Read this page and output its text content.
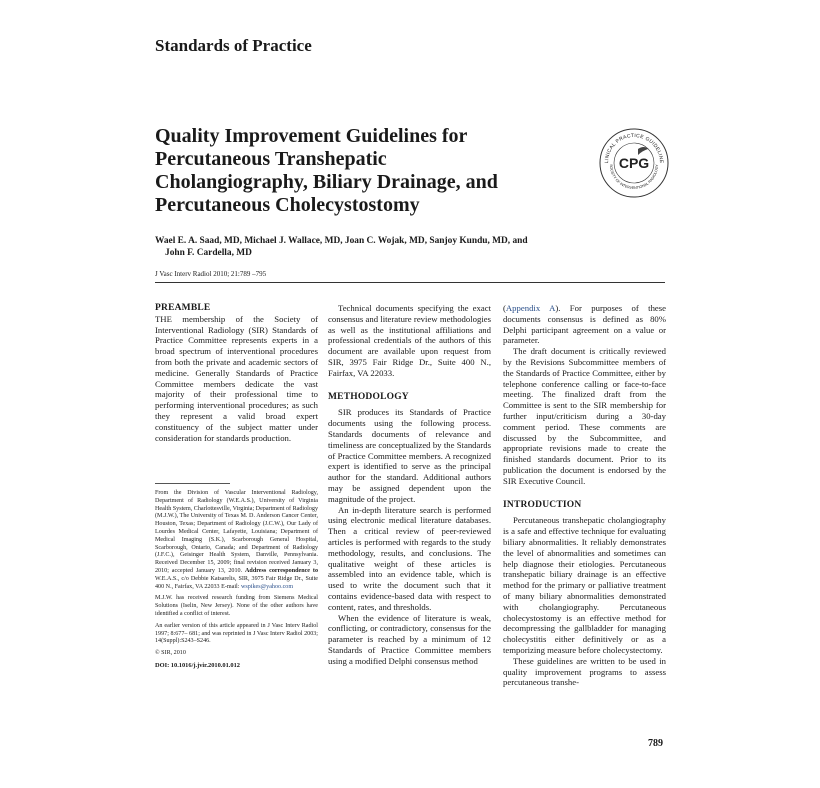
Standards of Practice
LINICAL PRACTICE GUIDELINE
SOCIETY OF INTERVENTIONAL RADIOLOGY
CPG
Quality Improvement Guidelines for
Percutaneous Transhepatic
Cholangiography, Biliary Drainage, and
Percutaneous Cholecystostomy
Wael E. A. Saad, MD, Michael J. Wallace, MD, Joan C. Wojak, MD, Sanjoy Kundu, MD, and
John F. Cardella, MD
J Vasc Interv Radiol 2010; 21:789 –795
PREAMBLE

THE membership of the Society of Interventional Radiology (SIR) Standards of Practice Committee represents experts in a broad spectrum of interventional procedures from both the private and academic sectors of medicine. Generally Standards of Practice Committee members dedicate the vast majority of their professional time to performing interventional procedures; as such they represent a valid broad expert constituency of the subject matter under consideration for standards production.

From the Division of Vascular Interventional Radiology, Department of Radiology (W.E.A.S.), University of Virginia Health System, Charlottesville, Virginia; Department of Radiology (M.J.W.), The University of Texas M. D. Anderson Cancer Center, Houston, Texas; Department of Radiology (J.C.W.), Our Lady of Lourdes Medical Center, Lafayette, Louisiana; Department of Medical Imaging (S.K.), Scarborough General Hospital, Scarborough, Ontario, Canada; and Department of Radiology (J.F.C.), Geisinger Health System, Danville, Pennsylvania. Received December 15, 2009; final revision received January 3, 2010; accepted January 13, 2010. Address correspondence to W.E.A.S., c/o Debbie Katsarelis, SIR, 3975 Fair Ridge Dr., Suite 400 N., Fairfax, VA 22033 E-mail: wspikes@yahoo.com

M.J.W. has received research funding from Siemens Medical Solutions (Iselin, New Jersey). None of the other authors have identified a conflict of interest.

An earlier version of this article appeared in J Vasc Interv Radiol 1997; 8:677– 681; and was reprinted in J Vasc Interv Radiol 2003; 14(Suppl):S243–S246.

© SIR, 2010

DOI: 10.1016/j.jvir.2010.01.012

Technical documents specifying the exact consensus and literature review methodologies as well as the institutional affiliations and professional credentials of the authors of this document are available upon request from SIR, 3975 Fair Ridge Dr., Suite 400 N., Fairfax, VA 22033.

METHODOLOGY

SIR produces its Standards of Practice documents using the following process. Standards documents of relevance and timeliness are conceptualized by the Standards of Practice Committee members. A recognized expert is identified to serve as the principal author for the standard. Additional authors may be assigned dependent upon the magnitude of the project.

An in-depth literature search is performed using electronic medical literature databases. Then a critical review of peer-reviewed articles is performed with regards to the study methodology, results, and conclusions. The qualitative weight of these articles is assembled into an evidence table, which is used to write the document such that it contains evidence-based data with respect to content, rates, and thresholds.

When the evidence of literature is weak, conflicting, or contradictory, consensus for the parameter is reached by a minimum of 12 Standards of Practice Committee members using a modified Delphi consensus method

(Appendix A). For purposes of these documents consensus is defined as 80% Delphi participant agreement on a value or parameter.

The draft document is critically reviewed by the Revisions Subcommittee members of the Standards of Practice Committee, either by telephone conference calling or face-to-face meeting. The finalized draft from the Committee is sent to the SIR membership for further input/criticism during a 30-day comment period. These comments are discussed by the Subcommittee, and appropriate revisions made to create the finished standards document. Prior to its publication the document is endorsed by the SIR Executive Council.

INTRODUCTION

Percutaneous transhepatic cholangiography is a safe and effective technique for evaluating biliary abnormalities. It reliably demonstrates the level of abnormalities and sometimes can help diagnose their etiologies. Percutaneous transhepatic biliary drainage is an effective method for the primary or palliative treatment of many biliary abnormalities demonstrated with cholangiography. Percutaneous cholecystostomy is an effective method for decompressing the gallbladder for managing cholecystitis either definitively or as a temporizing measure before cholecystectomy.

These guidelines are written to be used in quality improvement programs to assess percutaneous transhe-

789
